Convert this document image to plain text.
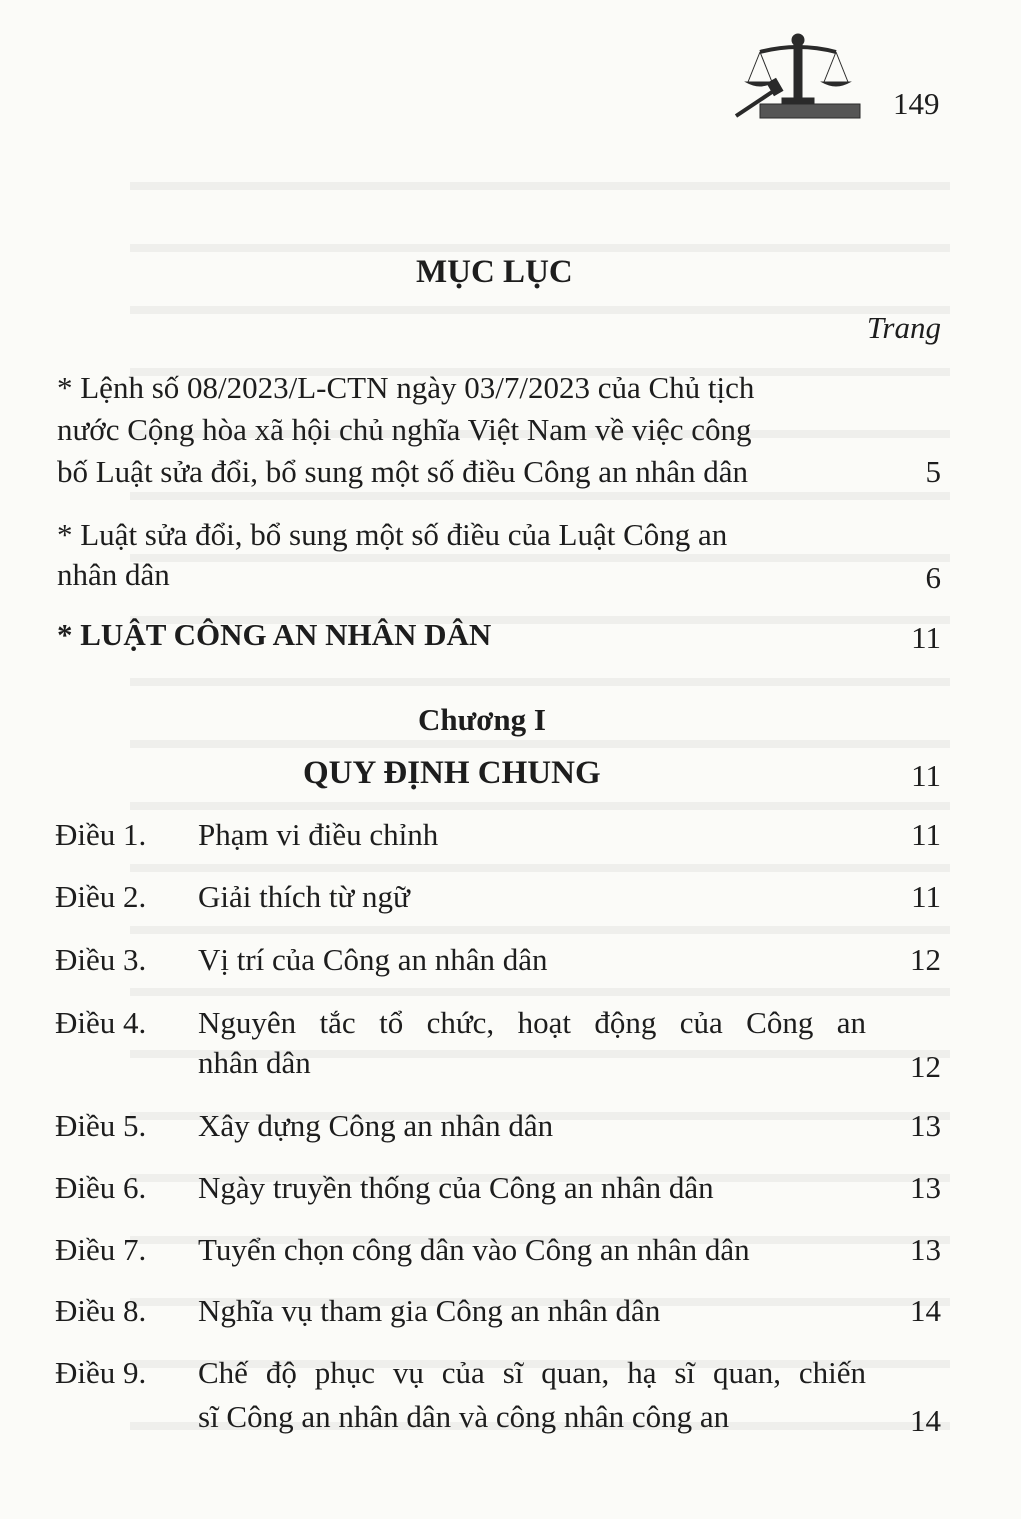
149
MỤC LỤC
Trang
* Lệnh số 08/2023/L-CTN ngày 03/7/2023 của Chủ tịch
nước Cộng hòa xã hội chủ nghĩa Việt Nam về việc công
bố Luật sửa đổi, bổ sung một số điều Công an nhân dân	5
* Luật sửa đổi, bổ sung một số điều của Luật Công an
nhân dân	6
* LUẬT CÔNG AN NHÂN DÂN	11
Chương I
QUY ĐỊNH CHUNG	11
Điều 1. Phạm vi điều chỉnh	11
Điều 2. Giải thích từ ngữ	11
Điều 3. Vị trí của Công an nhân dân	12
Điều 4. Nguyên tắc tổ chức, hoạt động của Công an
nhân dân	12
Điều 5. Xây dựng Công an nhân dân	13
Điều 6. Ngày truyền thống của Công an nhân dân	13
Điều 7. Tuyển chọn công dân vào Công an nhân dân	13
Điều 8. Nghĩa vụ tham gia Công an nhân dân	14
Điều 9. Chế độ phục vụ của sĩ quan, hạ sĩ quan, chiến
sĩ Công an nhân dân và công nhân công an	14
